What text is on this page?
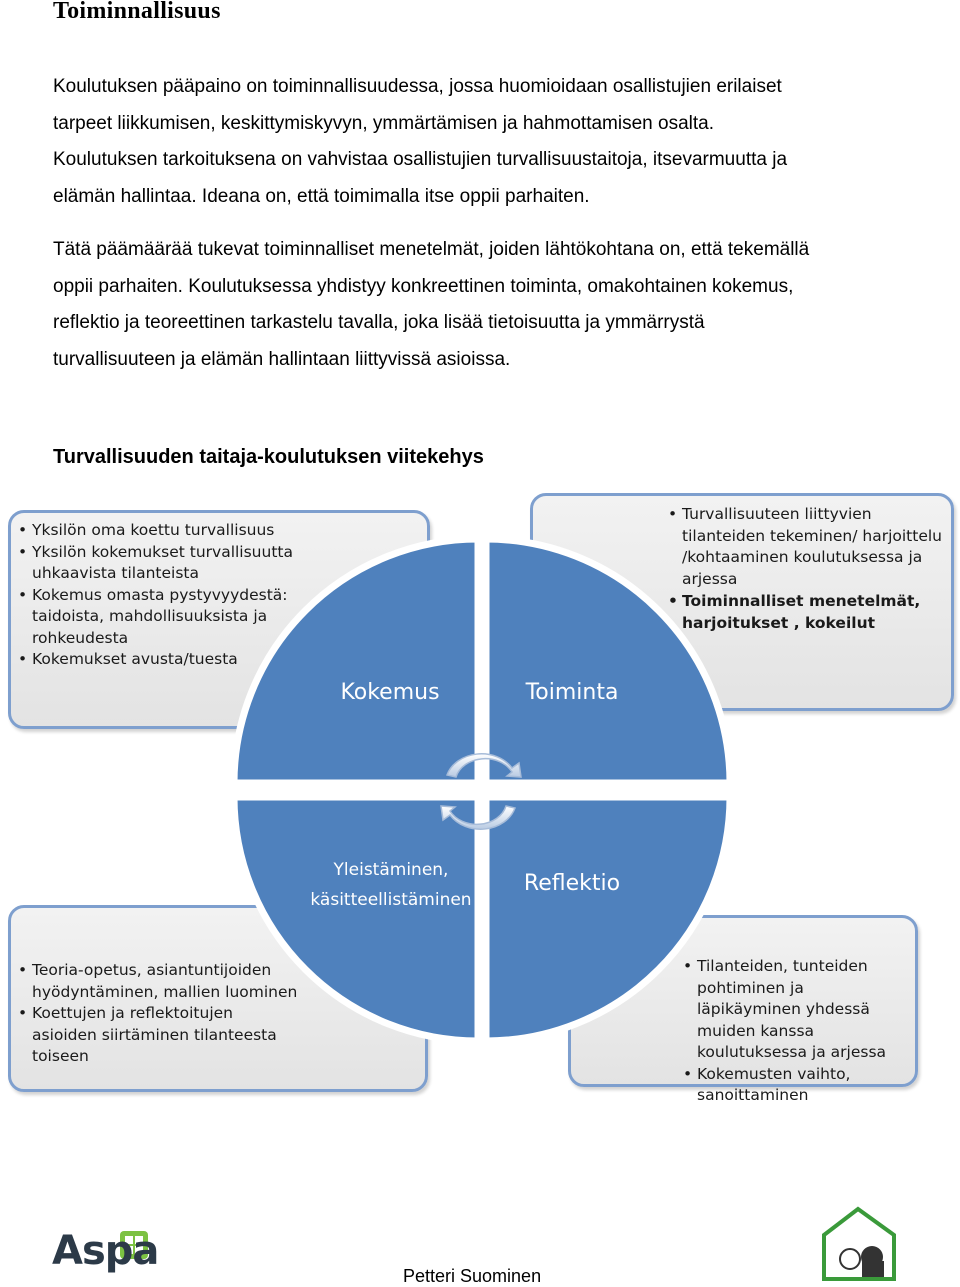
Toiminnallisuus

Koulutuksen pääpaino on toiminnallisuudessa, jossa huomioidaan osallistujien erilaiset
tarpeet liikkumisen, keskittymiskyvyn, ymmärtämisen ja hahmottamisen osalta.
Koulutuksen tarkoituksena on vahvistaa osallistujien turvallisuustaitoja, itsevarmuutta ja
elämän hallintaa. Ideana on, että toimimalla itse oppii parhaiten.

Tätä päämäärää tukevat toiminnalliset menetelmät, joiden lähtökohtana on, että tekemällä
oppii parhaiten. Koulutuksessa yhdistyy konkreettinen toiminta, omakohtainen kokemus,
reflektio ja teoreettinen tarkastelu tavalla, joka lisää tietoisuutta ja ymmärrystä
turvallisuuteen ja elämän hallintaan liittyvissä asioissa.

Turvallisuuden taitaja-koulutuksen viitekehys
Kokemus	Toiminta
Yleistäminen,
käsitteellistäminen
Reflektio
• Yksilön oma koettu turvallisuus
• Yksilön kokemukset turvallisuutta uhkaavista tilanteista
• Kokemus omasta pystyvyydestä: taidoista, mahdollisuuksista ja rohkeudesta
• Kokemukset avusta/tuesta
• Turvallisuuteen liittyvien tilanteiden tekeminen/ harjoittelu /kohtaaminen koulutuksessa ja arjessa
• Toiminnalliset menetelmät, harjoitukset , kokeilut
• Teoria-opetus, asiantuntijoiden hyödyntäminen, mallien luominen
• Koettujen ja reflektoitujen asioiden siirtäminen tilanteesta toiseen
• Tilanteiden, tunteiden pohtiminen ja läpikäyminen yhdessä muiden kanssa koulutuksessa ja arjessa
• Kokemusten vaihto, sanoittaminen
Aspa
Petteri Suominen
